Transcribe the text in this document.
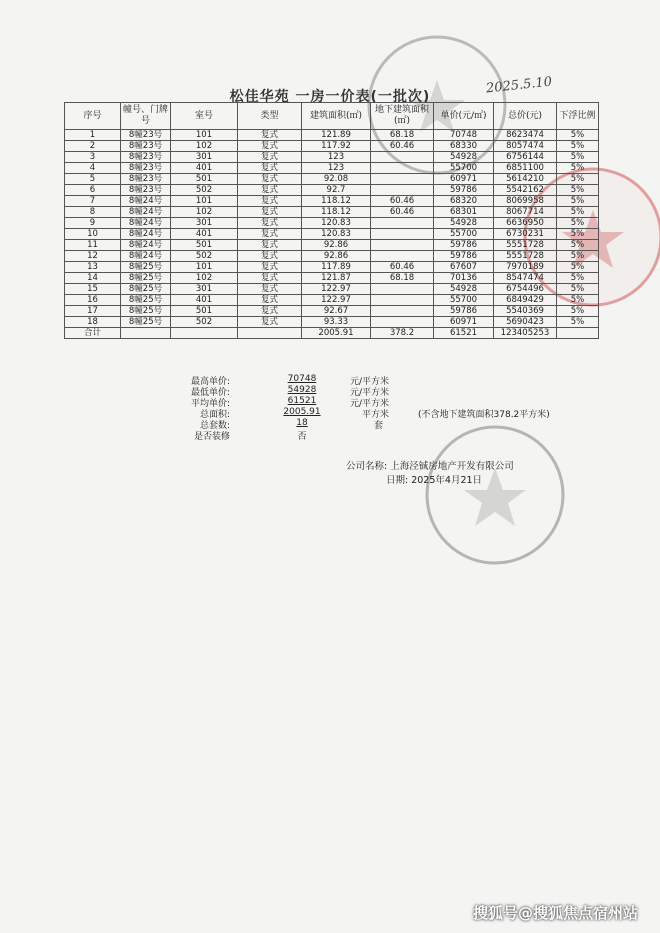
松佳华苑 一房一价表(一批次)
2025.5.10
序号	幢号、门牌号	室号	类型	建筑面积(㎡)	地下建筑面积(㎡)	单价(元/㎡)	总价(元)	下浮比例
1	8幢23号	101	复式	121.89	68.18	70748	8623474	5%
2	8幢23号	102	复式	117.92	60.46	68330	8057474	5%
3	8幢23号	301	复式	123		54928	6756144	5%
4	8幢23号	401	复式	123		55700	6851100	5%
5	8幢23号	501	复式	92.08		60971	5614210	5%
6	8幢23号	502	复式	92.7		59786	5542162	5%
7	8幢24号	101	复式	118.12	60.46	68320	8069958	5%
8	8幢24号	102	复式	118.12	60.46	68301	8067714	5%
9	8幢24号	301	复式	120.83		54928	6636950	5%
10	8幢24号	401	复式	120.83		55700	6730231	5%
11	8幢24号	501	复式	92.86		59786	5551728	5%
12	8幢24号	502	复式	92.86		59786	5551728	5%
13	8幢25号	101	复式	117.89	60.46	67607	7970189	5%
14	8幢25号	102	复式	121.87	68.18	70136	8547474	5%
15	8幢25号	301	复式	122.97		54928	6754496	5%
16	8幢25号	401	复式	122.97		55700	6849429	5%
17	8幢25号	501	复式	92.67		59786	5540369	5%
18	8幢25号	502	复式	93.33		60971	5690423	5%
合计				2005.91	378.2	61521	123405253	
最高单价:	70748	元/平方米
最低单价:	54928	元/平方米
平均单价:	61521	元/平方米
总面积:	2005.91	平方米	(不含地下建筑面积378.2平方米)
总套数:	18	套
是否装修	否
公司名称: 上海泾铖房地产开发有限公司
日期: 2025年4月21日
搜狐号@搜狐焦点宿州站
